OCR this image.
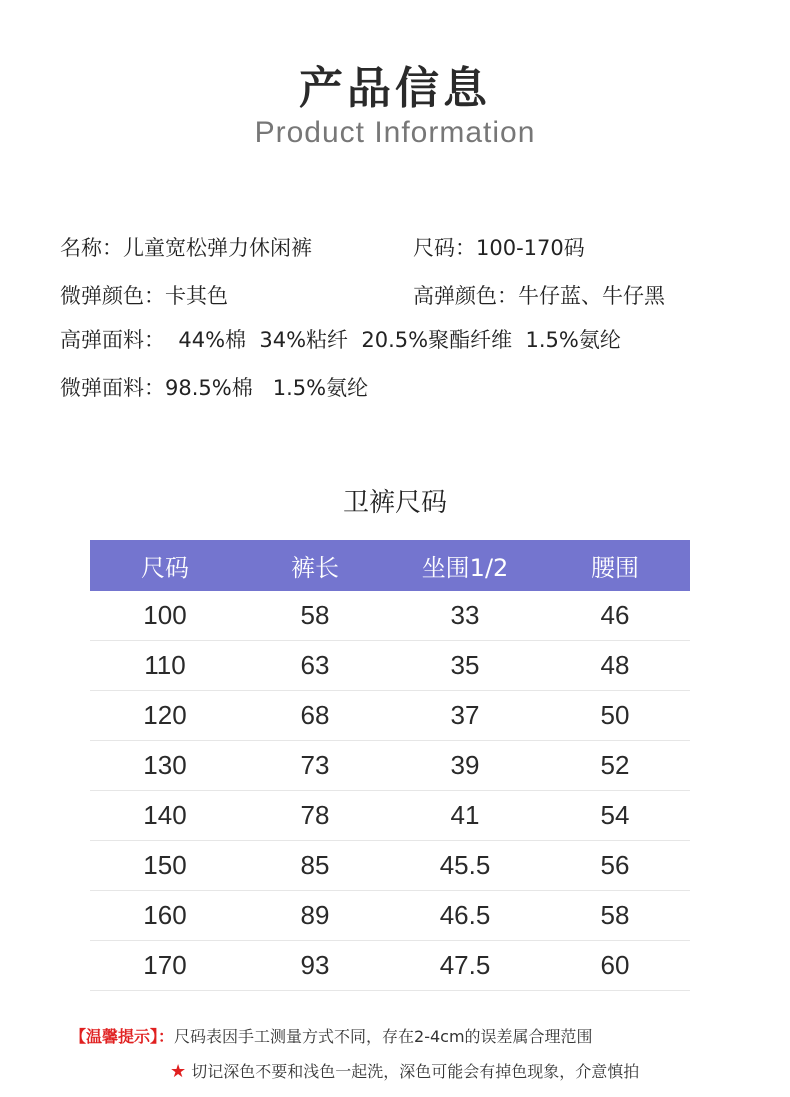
产品信息
Product Information
名称：儿童宽松弹力休闲裤	尺码：100-170码
微弹颜色：卡其色	高弹颜色：牛仔蓝、牛仔黑
高弹面料：  44%棉  34%粘纤  20.5%聚酯纤维  1.5%氨纶
微弹面料：98.5%棉   1.5%氨纶
卫裤尺码
尺码	裤长	坐围1/2	腰围
100	58	33	46
110	63	35	48
120	68	37	50
130	73	39	52
140	78	41	54
150	85	45.5	56
160	89	46.5	58
170	93	47.5	60
【温馨提示】：尺码表因手工测量方式不同，存在2-4cm的误差属合理范围
★ 切记深色不要和浅色一起洗，深色可能会有掉色现象，介意慎拍
